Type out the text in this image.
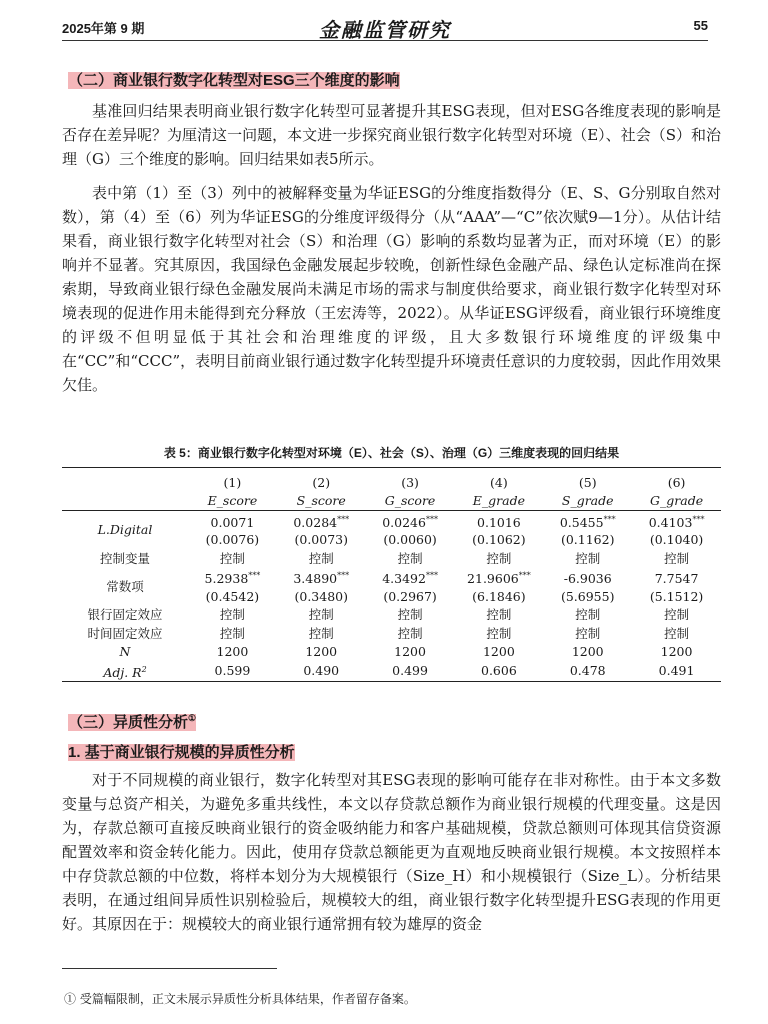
2025年第 9 期	金融监管研究	55
（二）商业银行数字化转型对ESG三个维度的影响

基准回归结果表明商业银行数字化转型可显著提升其ESG表现，但对ESG各维度表现的影响是否存在差异呢？为厘清这一问题，本文进一步探究商业银行数字化转型对环境（E）、社会（S）和治理（G）三个维度的影响。回归结果如表5所示。

表中第（1）至（3）列中的被解释变量为华证ESG的分维度指数得分（E、S、G分别取自然对数），第（4）至（6）列为华证ESG的分维度评级得分（从“AAA”—“C”依次赋9—1分）。从估计结果看，商业银行数字化转型对社会（S）和治理（G）影响的系数均显著为正，而对环境（E）的影响并不显著。究其原因，我国绿色金融发展起步较晚，创新性绿色金融产品、绿色认定标准尚在探索期，导致商业银行绿色金融发展尚未满足市场的需求与制度供给要求，商业银行数字化转型对环境表现的促进作用未能得到充分释放（王宏涛等，2022）。从华证ESG评级看，商业银行环境维度的评级不但明显低于其社会和治理维度的评级，且大多数银行环境维度的评级集中在“CC”和“CCC”，表明目前商业银行通过数字化转型提升环境责任意识的力度较弱，因此作用效果欠佳。

表 5：商业银行数字化转型对环境（E）、社会（S）、治理（G）三维度表现的回归结果
	(1)	(2)	(3)	(4)	(5)	(6)
	E_score	S_score	G_score	E_grade	S_grade	G_grade
L.Digital	0.0071	0.0284***	0.0246***	0.1016	0.5455***	0.4103***
	(0.0076)	(0.0073)	(0.0060)	(0.1062)	(0.1162)	(0.1040)
控制变量	控制	控制	控制	控制	控制	控制
常数项	5.2938***	3.4890***	4.3492***	21.9606***	-6.9036	7.7547
	(0.4542)	(0.3480)	(0.2967)	(6.1846)	(5.6955)	(5.1512)
银行固定效应	控制	控制	控制	控制	控制	控制
时间固定效应	控制	控制	控制	控制	控制	控制
N	1200	1200	1200	1200	1200	1200
Adj. $R^2$	0.599	0.490	0.499	0.606	0.478	0.491
（三）异质性分析①
1. 基于商业银行规模的异质性分析

对于不同规模的商业银行，数字化转型对其ESG表现的影响可能存在非对称性。由于本文多数变量与总资产相关，为避免多重共线性，本文以存贷款总额作为商业银行规模的代理变量。这是因为，存款总额可直接反映商业银行的资金吸纳能力和客户基础规模，贷款总额则可体现其信贷资源配置效率和资金转化能力。因此，使用存贷款总额能更为直观地反映商业银行规模。本文按照样本中存贷款总额的中位数，将样本划分为大规模银行（Size_H）和小规模银行（Size_L）。分析结果表明，在通过组间异质性识别检验后，规模较大的组，商业银行数字化转型提升ESG表现的作用更好。其原因在于：规模较大的商业银行通常拥有较为雄厚的资金

① 受篇幅限制，正文未展示异质性分析具体结果，作者留存备案。
